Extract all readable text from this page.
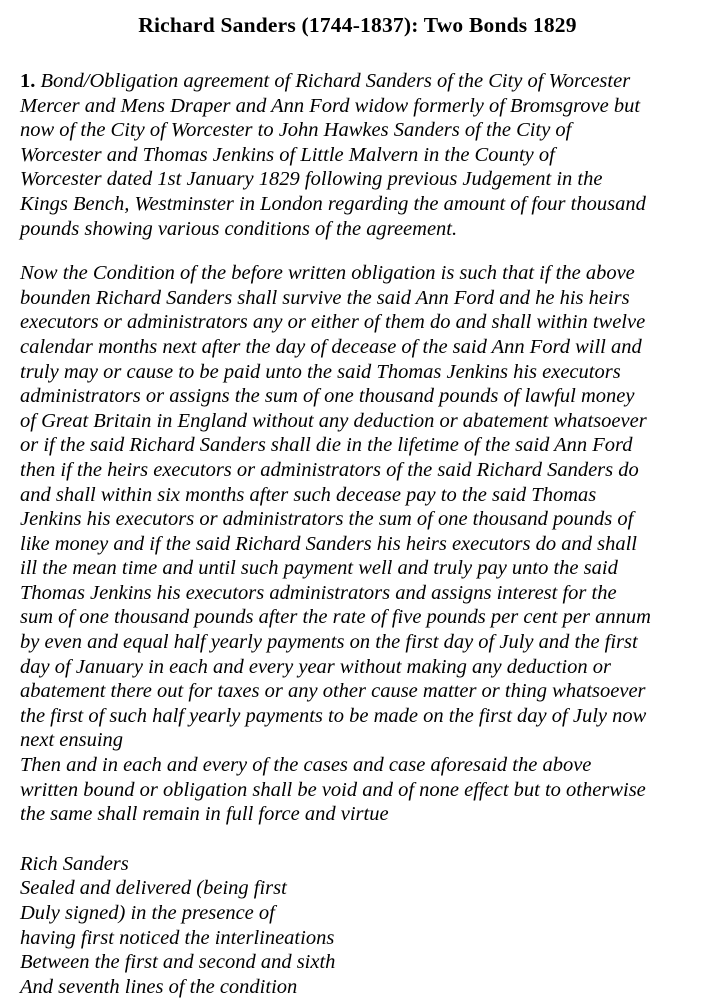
Richard Sanders (1744-1837): Two Bonds 1829
1. Bond/Obligation agreement of Richard Sanders of the City of Worcester
Mercer and Mens Draper and Ann Ford widow formerly of Bromsgrove but
now of the City of Worcester to John Hawkes Sanders of the City of
Worcester and Thomas Jenkins of Little Malvern in the County of
Worcester dated 1st January 1829 following previous Judgement in the
Kings Bench, Westminster in London regarding the amount of four thousand
pounds showing various conditions of the agreement.
Now the Condition of the before written obligation is such that if the above
bounden Richard Sanders shall survive the said Ann Ford and he his heirs
executors or administrators any or either of them do and shall within twelve
calendar months next after the day of decease of the said Ann Ford will and
truly may or cause to be paid unto the said Thomas Jenkins his executors
administrators or assigns the sum of one thousand pounds of lawful money
of Great Britain in England without any deduction or abatement whatsoever
or if the said Richard Sanders shall die in the lifetime of the said Ann Ford
then if the heirs executors or administrators of the said Richard Sanders do
and shall within six months after such decease pay to the said Thomas
Jenkins his executors or administrators the sum of one thousand pounds of
like money and if the said Richard Sanders his heirs executors do and shall
ill the mean time and until such payment well and truly pay unto the said
Thomas Jenkins his executors administrators and assigns interest for the
sum of one thousand pounds after the rate of five pounds per cent per annum
by even and equal half yearly payments on the first day of July and the first
day of January in each and every year without making any deduction or
abatement there out for taxes or any other cause matter or thing whatsoever
the first of such half yearly payments to be made on the first day of July now
next ensuing
Then and in each and every of the cases and case aforesaid the above
written bound or obligation shall be void and of none effect but to otherwise
the same shall remain in full force and virtue
Rich Sanders
Sealed and delivered (being first
Duly signed) in the presence of
having first noticed the interlineations
Between the first and second and sixth
And seventh lines of the condition
